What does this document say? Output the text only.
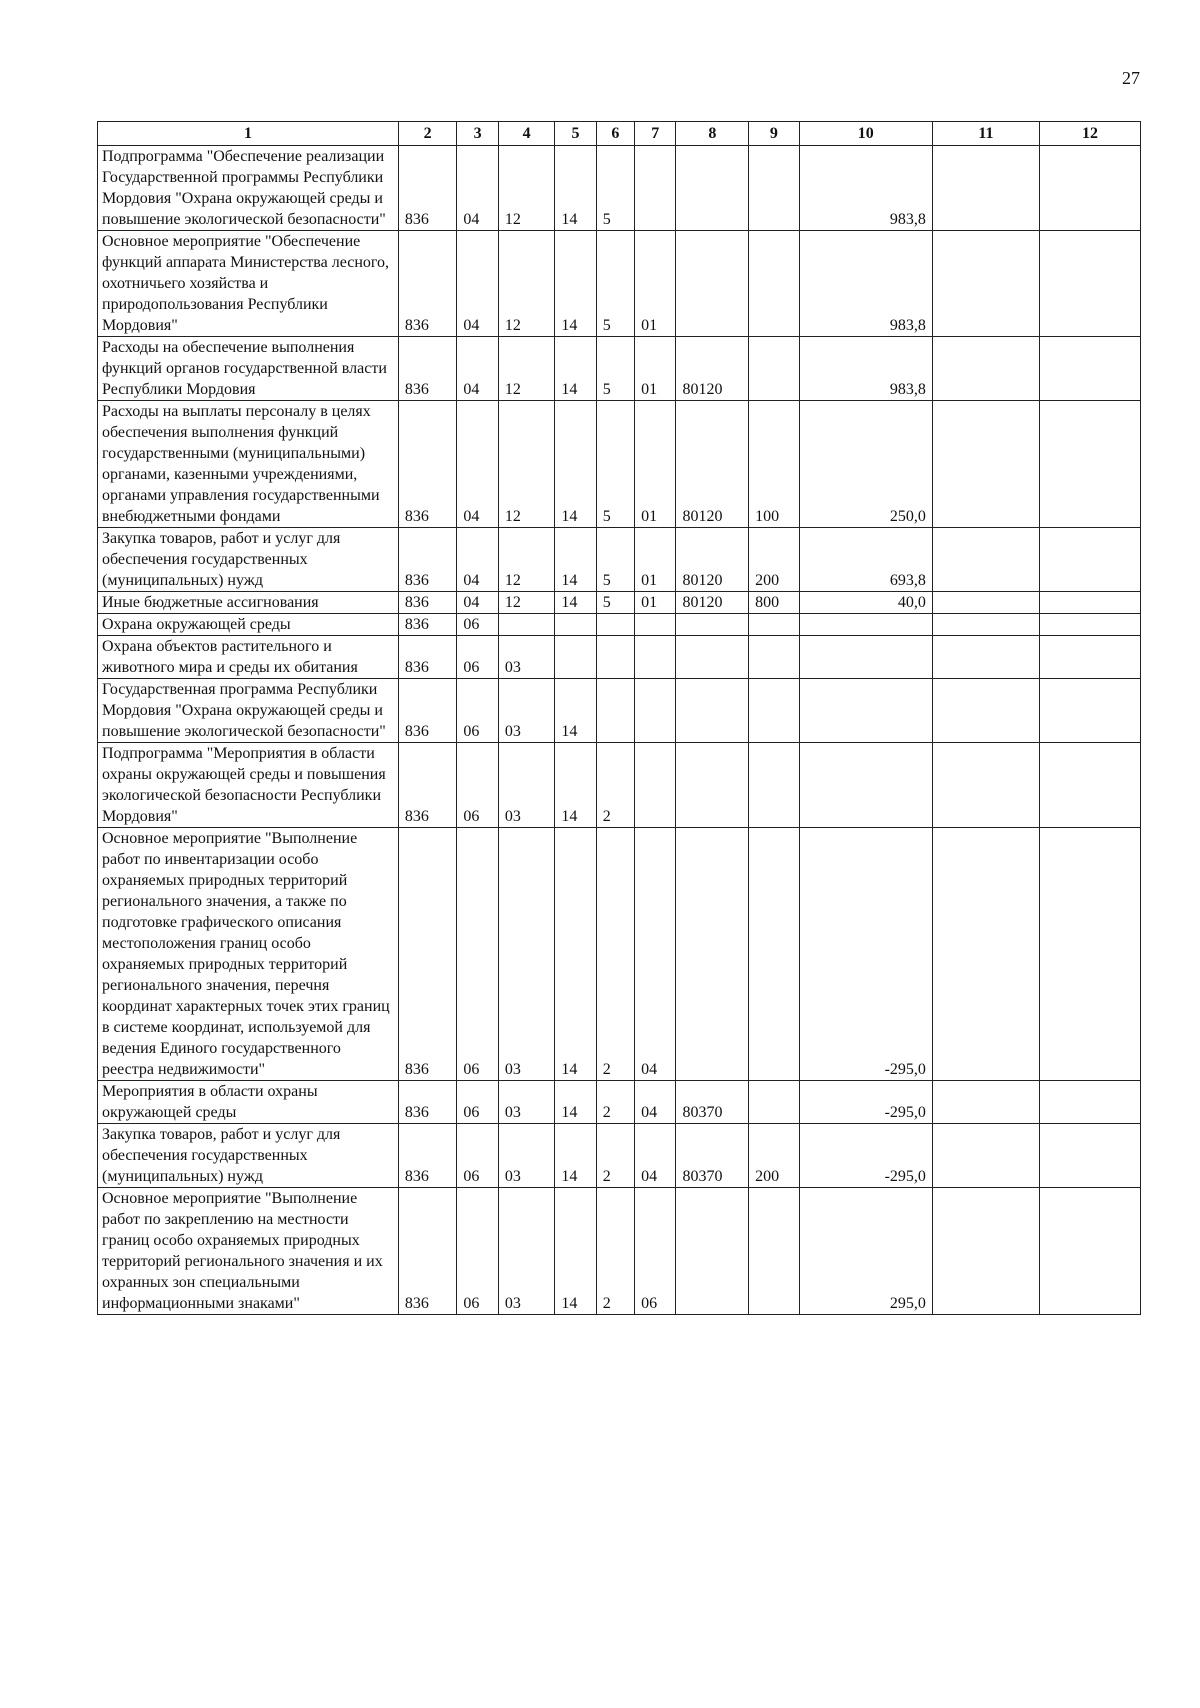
27
1	2	3	4	5	6	7	8	9	10	11	12
Подпрограмма "Обеспечение реализации Государственной программы Республики Мордовия "Охрана окружающей среды и повышение экологической безопасности"	836	04	12	14	5				983,8		
Основное мероприятие "Обеспечение функций аппарата Министерства лесного, охотничьего хозяйства и природопользования Республики Мордовия"	836	04	12	14	5	01			983,8		
Расходы на обеспечение выполнения функций органов государственной власти Республики Мордовия	836	04	12	14	5	01	80120		983,8		
Расходы на выплаты персоналу в целях обеспечения выполнения функций государственными (муниципальными) органами, казенными учреждениями, органами управления государственными внебюджетными фондами	836	04	12	14	5	01	80120	100	250,0		
Закупка товаров, работ и услуг для обеспечения государственных (муниципальных) нужд	836	04	12	14	5	01	80120	200	693,8		
Иные бюджетные ассигнования	836	04	12	14	5	01	80120	800	40,0		
Охрана окружающей среды	836	06									
Охрана объектов растительного и животного мира и среды их обитания	836	06	03								
Государственная программа Республики Мордовия "Охрана окружающей среды и повышение экологической безопасности"	836	06	03	14							
Подпрограмма "Мероприятия в области охраны окружающей среды и повышения экологической безопасности Республики Мордовия"	836	06	03	14	2						
Основное мероприятие "Выполнение работ по инвентаризации особо охраняемых природных территорий регионального значения, а также по подготовке графического описания местоположения границ особо охраняемых природных территорий регионального значения, перечня координат характерных точек этих границ в системе координат, используемой для ведения Единого государственного реестра недвижимости"	836	06	03	14	2	04			-295,0		
Мероприятия в области охраны окружающей среды	836	06	03	14	2	04	80370		-295,0		
Закупка товаров, работ и услуг для обеспечения государственных (муниципальных) нужд	836	06	03	14	2	04	80370	200	-295,0		
Основное мероприятие "Выполнение работ по закреплению на местности границ особо охраняемых природных территорий регионального значения и их охранных зон специальными информационными знаками"	836	06	03	14	2	06			295,0		
